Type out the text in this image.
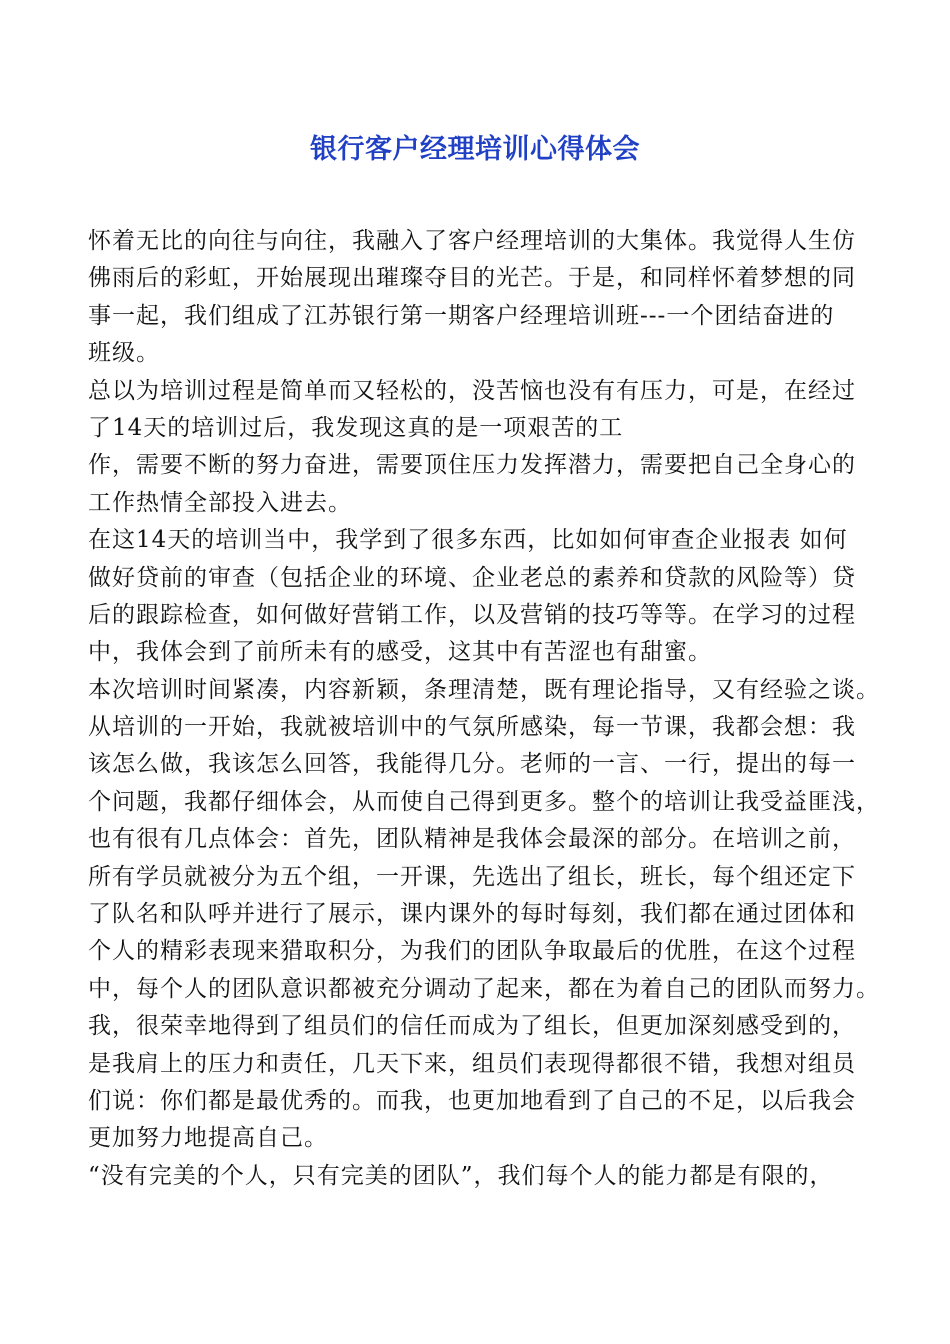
银行客户经理培训心得体会
怀着无比的向往与向往，我融入了客户经理培训的大集体。我觉得人生仿
佛雨后的彩虹，开始展现出璀璨夺目的光芒。于是，和同样怀着梦想的同
事一起，我们组成了江苏银行第一期客户经理培训班---一个团结奋进的
班级。
总以为培训过程是简单而又轻松的，没苦恼也没有有压力，可是，在经过
了14天的培训过后，我发现这真的是一项艰苦的工
作，需要不断的努力奋进，需要顶住压力发挥潜力，需要把自己全身心的
工作热情全部投入进去。
在这14天的培训当中，我学到了很多东西，比如如何审查企业报表 如何
做好贷前的审查（包括企业的环境、企业老总的素养和贷款的风险等）贷
后的跟踪检查，如何做好营销工作，以及营销的技巧等等。在学习的过程
中，我体会到了前所未有的感受，这其中有苦涩也有甜蜜。
本次培训时间紧凑，内容新颖，条理清楚，既有理论指导，又有经验之谈。
从培训的一开始，我就被培训中的气氛所感染，每一节课，我都会想：我
该怎么做，我该怎么回答，我能得几分。老师的一言、一行，提出的每一
个问题，我都仔细体会，从而使自己得到更多。整个的培训让我受益匪浅，
也有很有几点体会：首先，团队精神是我体会最深的部分。在培训之前，
所有学员就被分为五个组，一开课，先选出了组长，班长，每个组还定下
了队名和队呼并进行了展示，课内课外的每时每刻，我们都在通过团体和
个人的精彩表现来猎取积分，为我们的团队争取最后的优胜，在这个过程
中，每个人的团队意识都被充分调动了起来，都在为着自己的团队而努力。
我，很荣幸地得到了组员们的信任而成为了组长，但更加深刻感受到的，
是我肩上的压力和责任，几天下来，组员们表现得都很不错，我想对组员
们说：你们都是最优秀的。而我，也更加地看到了自己的不足，以后我会
更加努力地提高自己。
“没有完美的个人，只有完美的团队”，我们每个人的能力都是有限的，
